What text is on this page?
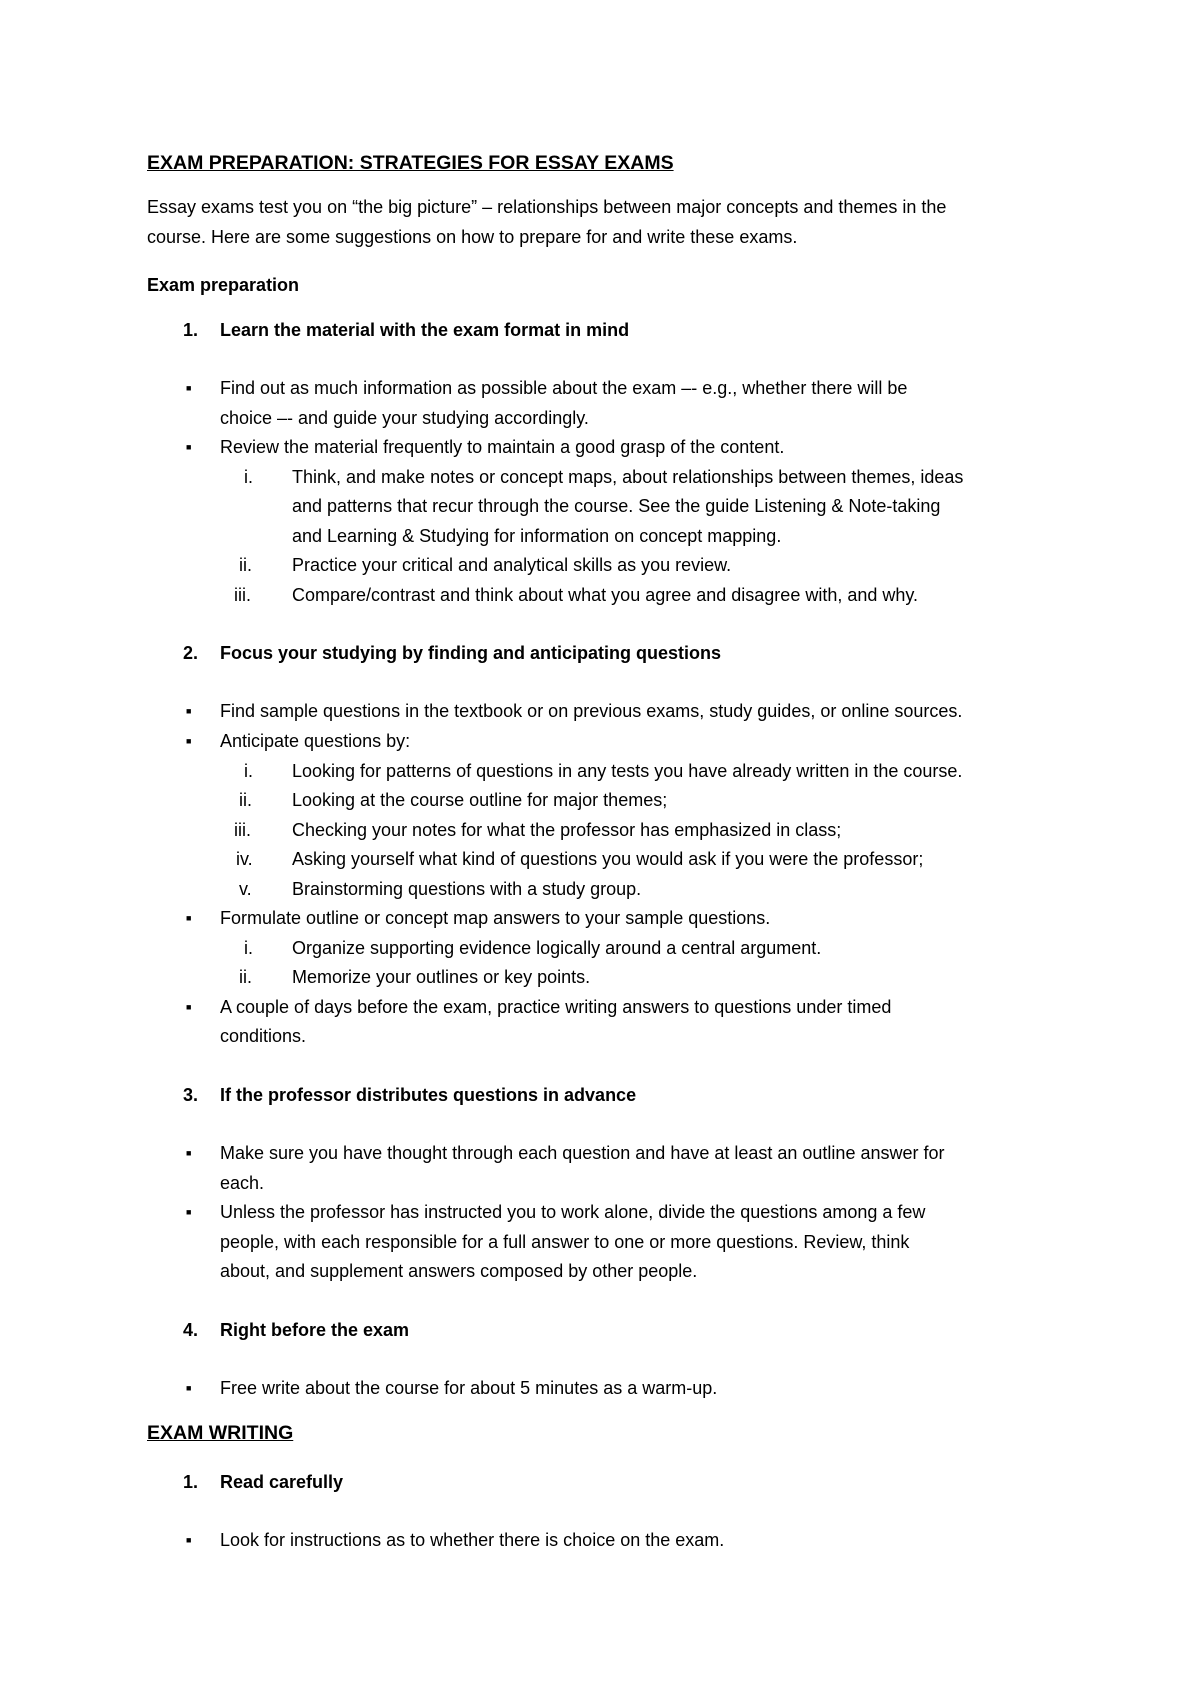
EXAM PREPARATION: STRATEGIES FOR ESSAY EXAMS
Essay exams test you on “the big picture” – relationships between major concepts and themes in the
course. Here are some suggestions on how to prepare for and write these exams.
Exam preparation
1. Learn the material with the exam format in mind
■ Find out as much information as possible about the exam –- e.g., whether there will be
choice –- and guide your studying accordingly.
■ Review the material frequently to maintain a good grasp of the content.
i. Think, and make notes or concept maps, about relationships between themes, ideas
and patterns that recur through the course. See the guide Listening & Note-taking
and Learning & Studying for information on concept mapping.
ii. Practice your critical and analytical skills as you review.
iii. Compare/contrast and think about what you agree and disagree with, and why.
2. Focus your studying by finding and anticipating questions
■ Find sample questions in the textbook or on previous exams, study guides, or online sources.
■ Anticipate questions by:
i. Looking for patterns of questions in any tests you have already written in the course.
ii. Looking at the course outline for major themes;
iii. Checking your notes for what the professor has emphasized in class;
iv. Asking yourself what kind of questions you would ask if you were the professor;
v. Brainstorming questions with a study group.
■ Formulate outline or concept map answers to your sample questions.
i. Organize supporting evidence logically around a central argument.
ii. Memorize your outlines or key points.
■ A couple of days before the exam, practice writing answers to questions under timed
conditions.
3. If the professor distributes questions in advance
■ Make sure you have thought through each question and have at least an outline answer for
each.
■ Unless the professor has instructed you to work alone, divide the questions among a few
people, with each responsible for a full answer to one or more questions. Review, think
about, and supplement answers composed by other people.
4. Right before the exam
■ Free write about the course for about 5 minutes as a warm-up.
EXAM WRITING
1. Read carefully
■ Look for instructions as to whether there is choice on the exam.
